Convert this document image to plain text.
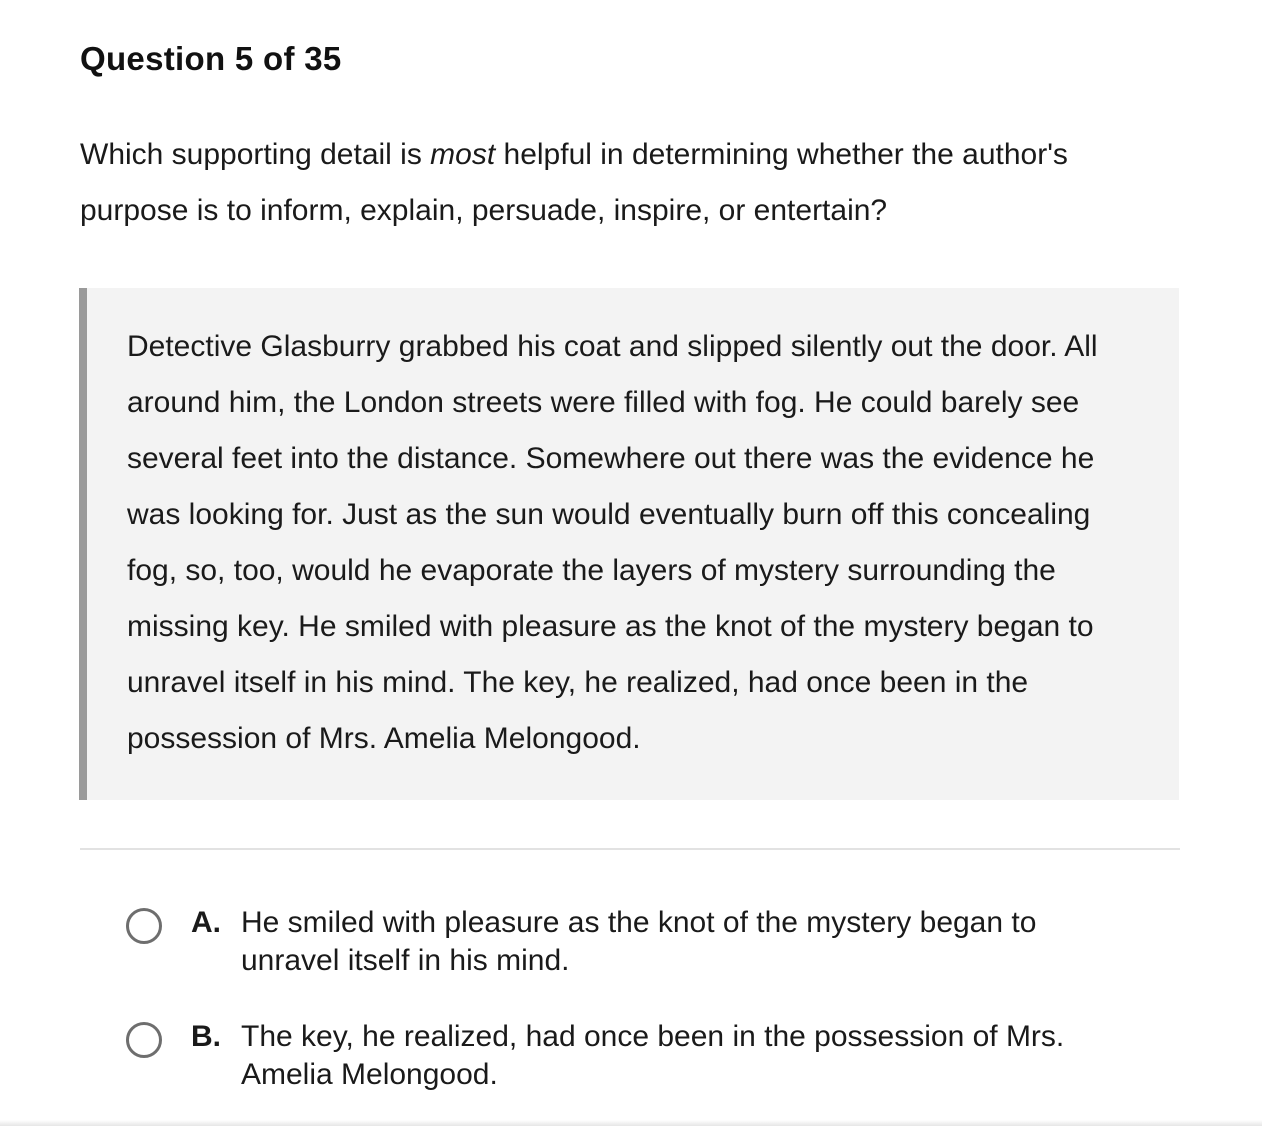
Question 5 of 35

Which supporting detail is most helpful in determining whether the author's purpose is to inform, explain, persuade, inspire, or entertain?

Detective Glasburry grabbed his coat and slipped silently out the door. All around him, the London streets were filled with fog. He could barely see several feet into the distance. Somewhere out there was the evidence he was looking for. Just as the sun would eventually burn off this concealing fog, so, too, would he evaporate the layers of mystery surrounding the missing key. He smiled with pleasure as the knot of the mystery began to unravel itself in his mind. The key, he realized, had once been in the possession of Mrs. Amelia Melongood.

A. He smiled with pleasure as the knot of the mystery began to unravel itself in his mind.
B. The key, he realized, had once been in the possession of Mrs. Amelia Melongood.
